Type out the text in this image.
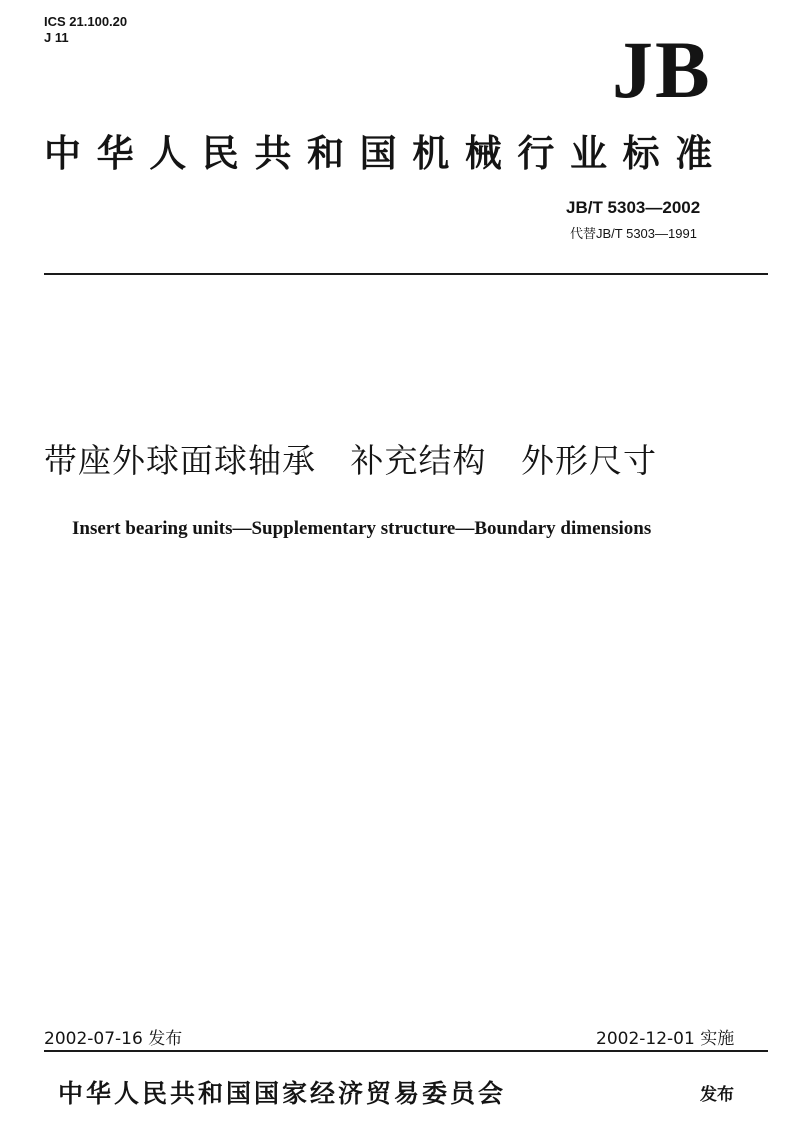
ICS 21.100.20
J 11	JB
中华人民共和国机械行业标准
JB/T 5303—2002
代替JB/T 5303—1991
带座外球面球轴承   补充结构   外形尺寸
Insert bearing units—Supplementary structure—Boundary dimensions
2002-07-16 发布	2002-12-01 实施
中华人民共和国国家经济贸易委员会	发布
